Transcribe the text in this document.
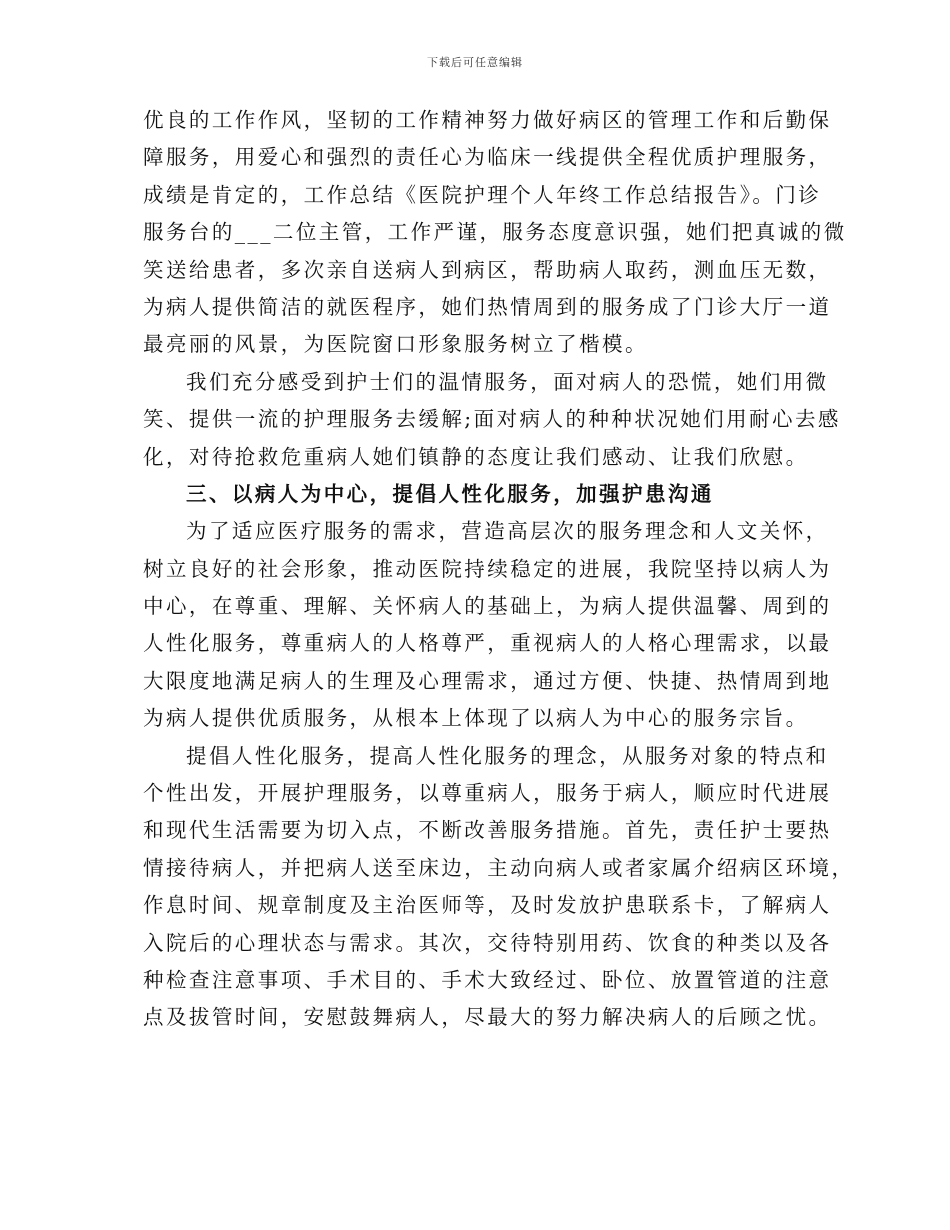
下载后可任意编辑
优良的工作作风，坚韧的工作精神努力做好病区的管理工作和后勤保
障服务，用爱心和强烈的责任心为临床一线提供全程优质护理服务，
成绩是肯定的，工作总结《医院护理个人年终工作总结报告》。门诊
服务台的___二位主管，工作严谨，服务态度意识强，她们把真诚的微
笑送给患者，多次亲自送病人到病区，帮助病人取药，测血压无数，
为病人提供简洁的就医程序，她们热情周到的服务成了门诊大厅一道
最亮丽的风景，为医院窗口形象服务树立了楷模。
我们充分感受到护士们的温情服务，面对病人的恐慌，她们用微
笑、提供一流的护理服务去缓解;面对病人的种种状况她们用耐心去感
化，对待抢救危重病人她们镇静的态度让我们感动、让我们欣慰。
三、以病人为中心，提倡人性化服务，加强护患沟通
为了适应医疗服务的需求，营造高层次的服务理念和人文关怀，
树立良好的社会形象，推动医院持续稳定的进展，我院坚持以病人为
中心，在尊重、理解、关怀病人的基础上，为病人提供温馨、周到的
人性化服务，尊重病人的人格尊严，重视病人的人格心理需求，以最
大限度地满足病人的生理及心理需求，通过方便、快捷、热情周到地
为病人提供优质服务，从根本上体现了以病人为中心的服务宗旨。
提倡人性化服务，提高人性化服务的理念，从服务对象的特点和
个性出发，开展护理服务，以尊重病人，服务于病人，顺应时代进展
和现代生活需要为切入点，不断改善服务措施。首先，责任护士要热
情接待病人，并把病人送至床边，主动向病人或者家属介绍病区环境，
作息时间、规章制度及主治医师等，及时发放护患联系卡，了解病人
入院后的心理状态与需求。其次，交待特别用药、饮食的种类以及各
种检查注意事项、手术目的、手术大致经过、卧位、放置管道的注意
点及拔管时间，安慰鼓舞病人，尽最大的努力解决病人的后顾之忧。
